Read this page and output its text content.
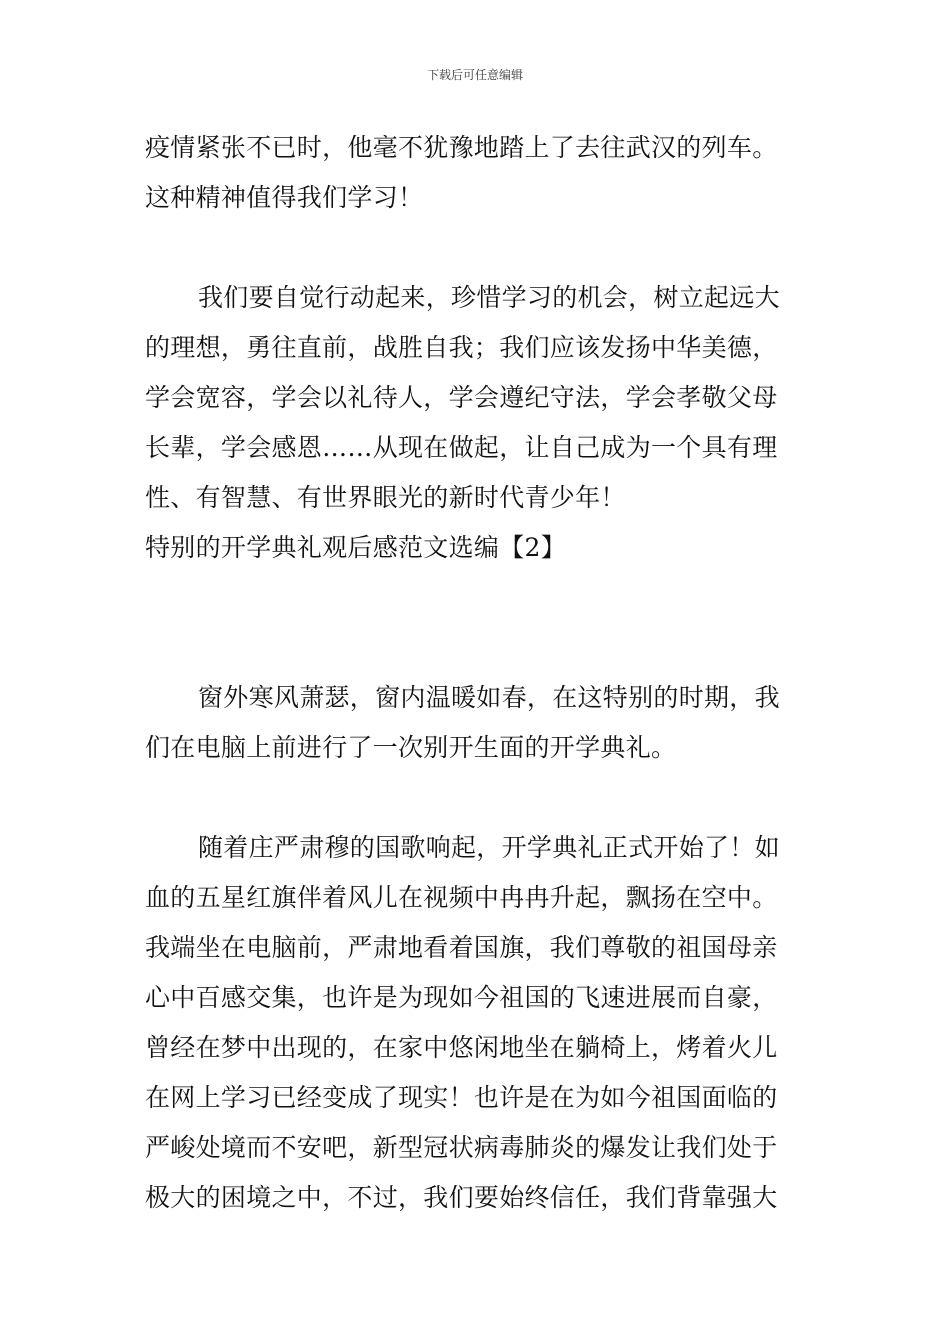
下载后可任意编辑
疫情紧张不已时，他毫不犹豫地踏上了去往武汉的列车。
这种精神值得我们学习！
我们要自觉行动起来，珍惜学习的机会，树立起远大
的理想，勇往直前，战胜自我；我们应该发扬中华美德，
学会宽容，学会以礼待人，学会遵纪守法，学会孝敬父母
长辈，学会感恩……从现在做起，让自己成为一个具有理
性、有智慧、有世界眼光的新时代青少年！
特别的开学典礼观后感范文选编【2】
窗外寒风萧瑟，窗内温暖如春，在这特别的时期，我
们在电脑上前进行了一次别开生面的开学典礼。
随着庄严肃穆的国歌响起，开学典礼正式开始了！如
血的五星红旗伴着风儿在视频中冉冉升起，飘扬在空中。
我端坐在电脑前，严肃地看着国旗，我们尊敬的祖国母亲
心中百感交集，也许是为现如今祖国的飞速进展而自豪，
曾经在梦中出现的，在家中悠闲地坐在躺椅上，烤着火儿
在网上学习已经变成了现实！也许是在为如今祖国面临的
严峻处境而不安吧，新型冠状病毒肺炎的爆发让我们处于
极大的困境之中，不过，我们要始终信任，我们背靠强大
